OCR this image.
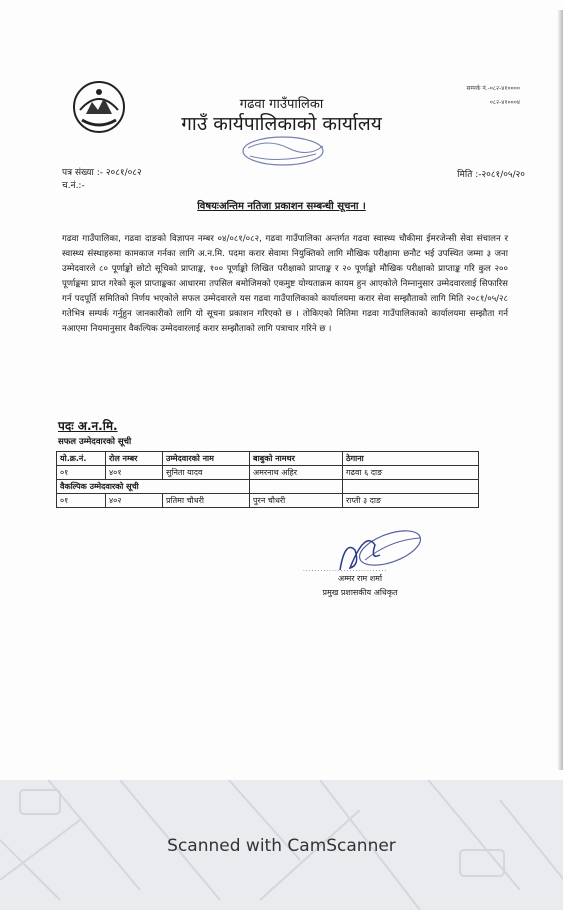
सम्पर्क नं.-०८२-४१००००
०८२-४१०००४
गढवा गाउँपालिका
गाउँ कार्यपालिकाको कार्यालय
पत्र संख्या :- २०८१/०८२
च.नं.:-
मिति :-२०८१/०५/२०
विषयःअन्तिम नतिजा प्रकाशन सम्बन्धी सूचना ।
गढवा गाउँपालिका, गढवा दाङको विज्ञापन नम्बर ०४/०८१/०८२, गढवा गाउँपालिका अन्तर्गत गढवा स्वास्थ्य चौकीमा ईमरजेन्सी सेवा संचालन र स्वास्थ्य संस्थाहरुमा कामकाज गर्नका लागि अ.न.मि. पदमा करार सेवामा नियुक्तिको लागि मौखिक परीक्षामा छनौट भई उपस्थित जम्मा ३ जना उम्मेदवारले ८० पूर्णाङ्को छोटो सूचिको प्राप्ताङ्क, १०० पूर्णाङ्को लिखित परीक्षाको प्राप्ताङ्क र २० पूर्णाङ्को मौखिक परीक्षाको प्राप्ताङ्क गरि कुल २०० पूर्णाङ्कमा प्राप्त गरेको कूल प्राप्ताङ्कका आधारमा तपसिल बमोजिमको एकमुष्ट योग्यताक्रम कायम हुन आएकोले निम्नानुसार उम्मेदवारलाई सिफारिस गर्न पदपूर्ति समितिको निर्णय भएकोले सफल उम्मेदवारले यस गढवा गाउँपालिकाको कार्यालयमा करार सेवा सम्झौताको लागि मिति २०८१/०५/२८ गतेभित्र सम्पर्क गर्नुहुन जानकारीको लागि यो सूचना प्रकाशन गरिएको छ । तोकिएको मितिमा गढवा गाउँपालिकाको कार्यालयमा सम्झौता गर्न नआएमा नियमानुसार वैकल्पिक उम्मेदवारलाई करार सम्झौताको लागि पत्राचार गरिने छ ।
पदः अ.न.मि.
सफल उम्मेदवारको सूची
यो.क्र.नं.	रोल नम्बर	उम्मेदवारको नाम	बाबुको नामथर	ठेगाना
०१	४०१	सुनिता यादव	अमरनाथ अहिर	गढवा ६ दाङ
वैकल्पिक उम्मेदवारको सूची				
०१	४०२	प्रतिमा चौधरी	पुरन चौधरी	राप्ती ३ दाङ
.............................
अम्मर राम शर्मा
प्रमुख प्रशासकीय अधिकृत
Scanned with CamScanner
